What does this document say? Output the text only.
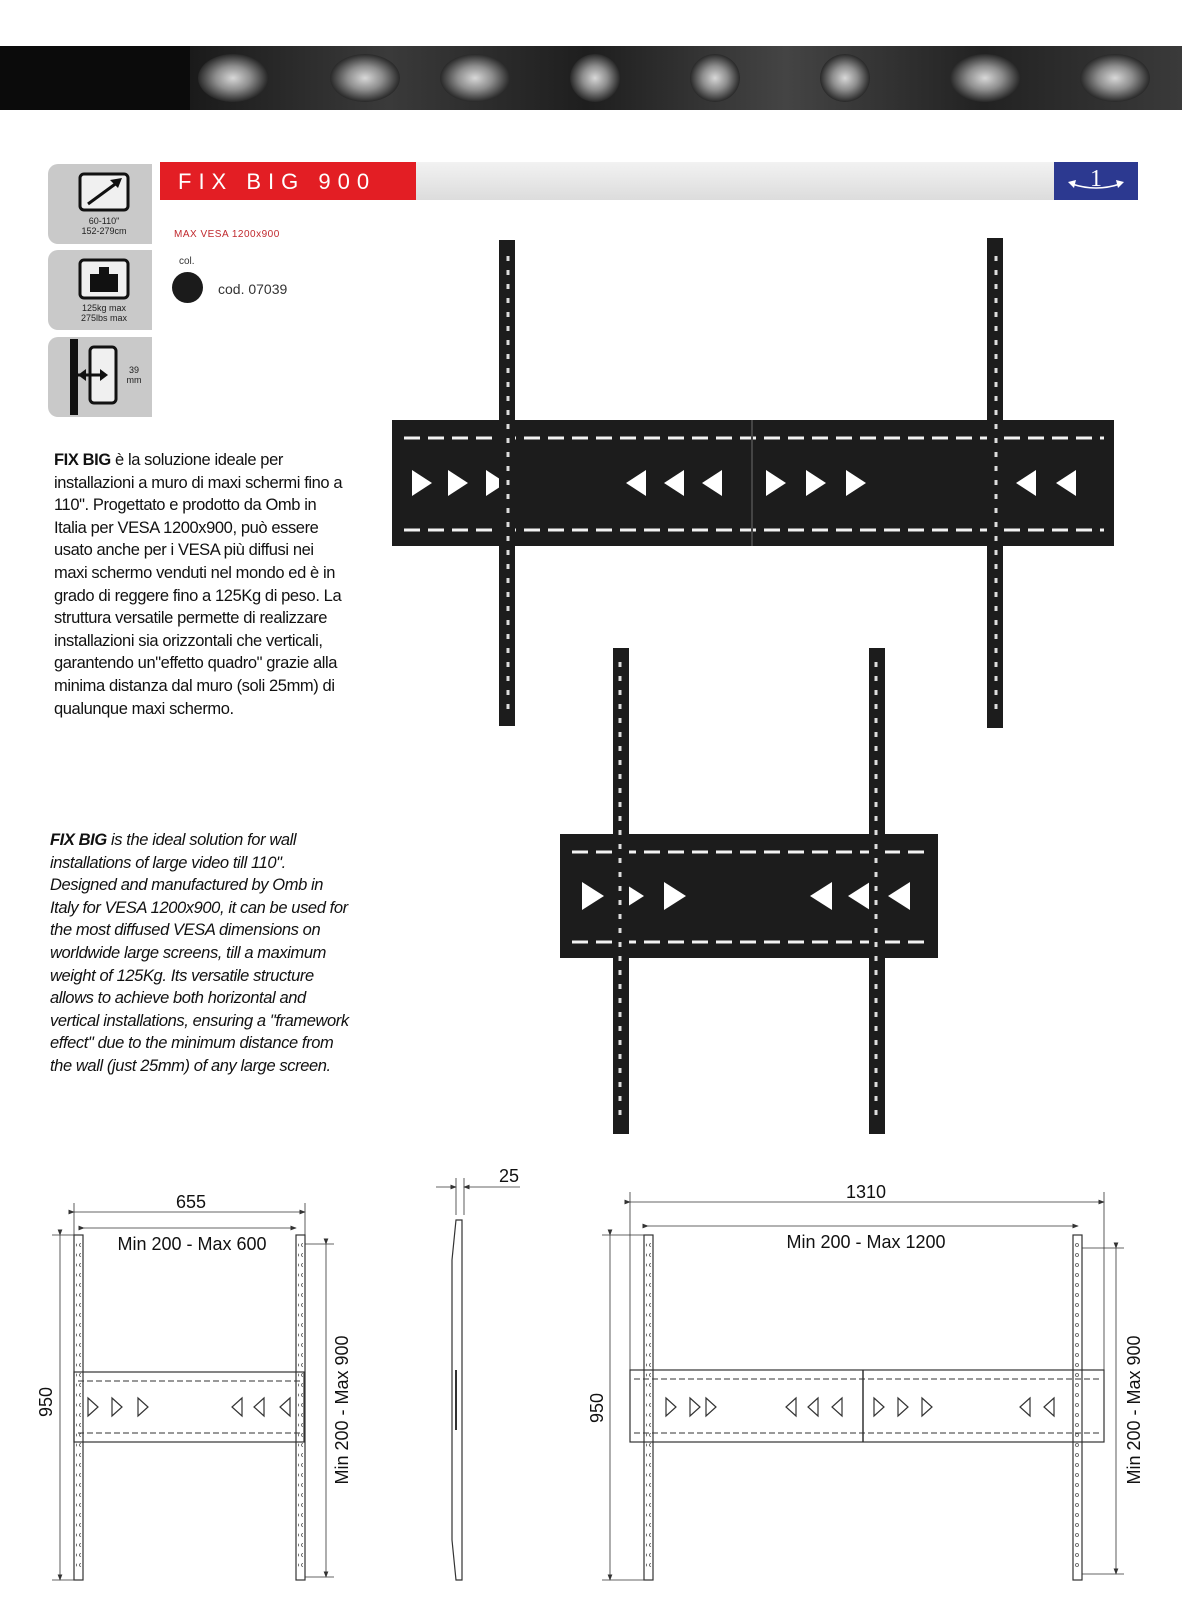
60-110"
152-279cm
125kg max
275lbs max
39
mm
FIX BIG 900	1
MAX VESA 1200x900
col.
cod. 07039
FIX BIG è la soluzione ideale per installazioni a muro di maxi schermi fino a 110". Progettato e prodotto da Omb in Italia per VESA 1200x900, può essere usato anche per i VESA più diffusi nei maxi schermo venduti nel mondo ed è in grado di reggere fino a 125Kg di peso. La struttura versatile permette di realizzare installazioni sia orizzontali che verticali, garantendo un"effetto quadro" grazie alla minima distanza dal muro (soli 25mm) di qualunque maxi schermo.
FIX BIG is the ideal solution for wall installations of large video till 110". Designed and manufactured by Omb in Italy for VESA 1200x900, it can be used for the most diffused VESA dimensions on worldwide large screens, till a maximum weight of 125Kg. Its versatile structure allows to achieve both horizontal and vertical installations, ensuring a "framework effect" due to the minimum distance from the wall (just 25mm) of any large screen.
655
Min 200 - Max 600
950	Min 200 - Max 900
25
1310
Min 200 - Max 1200
950	Min 200 - Max 900
